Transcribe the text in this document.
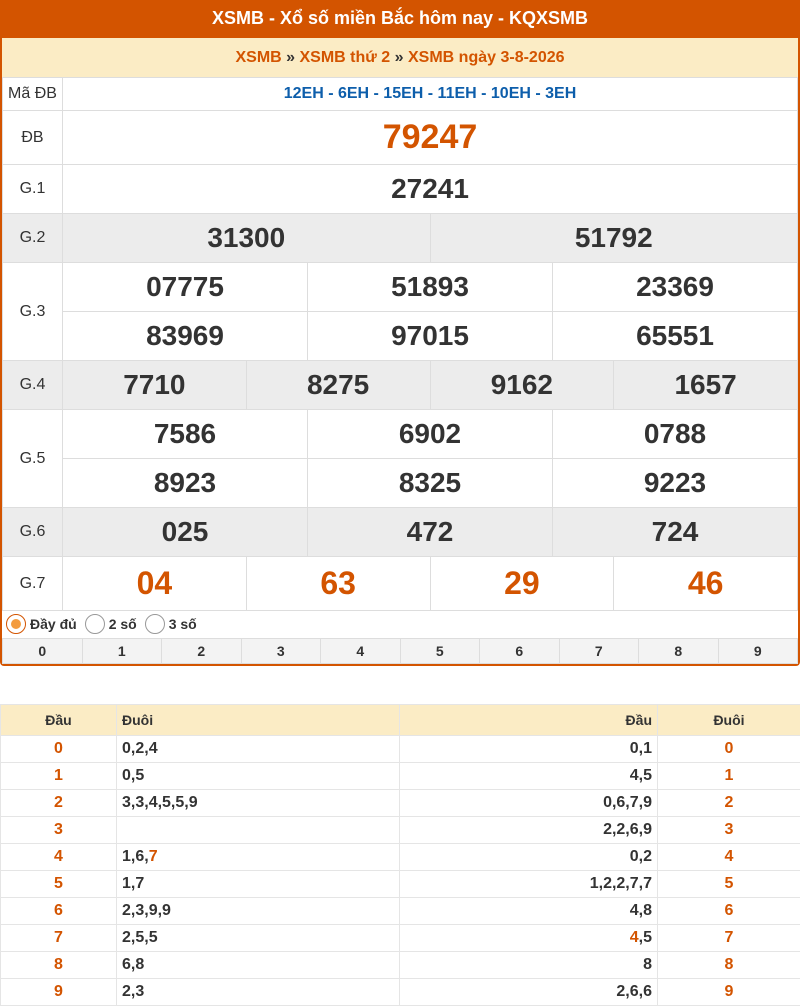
XSMB - Xổ số miền Bắc hôm nay - KQXSMB
XSMB » XSMB thứ 2 » XSMB ngày 3-8-2026
Mã ĐB	12EH - 6EH - 15EH - 11EH - 10EH - 3EH					
ĐB	79247					
G.1	27241					
G.2	31300			51792		
G.3	07775		51893		23369	
	83969		97015		65551	
G.4	7710	8275		9162		1657
G.5	7586		6902		0788	
	8923		8325		9223	
G.6	025		472		724	
G.7	04	63		29		46
Đầy đủ 2 số 3 số
0	1	2	3	4	5	6	7	8	9
Đầu	Đuôi	Đầu	Đuôi
0	0,2,4	0,1	0
1	0,5	4,5	1
2	3,3,4,5,5,9	0,6,7,9	2
3		2,2,6,9	3
4	1,6,7	0,2	4
5	1,7	1,2,2,7,7	5
6	2,3,9,9	4,8	6
7	2,5,5	4,5	7
8	6,8	8	8
9	2,3	2,6,6	9
